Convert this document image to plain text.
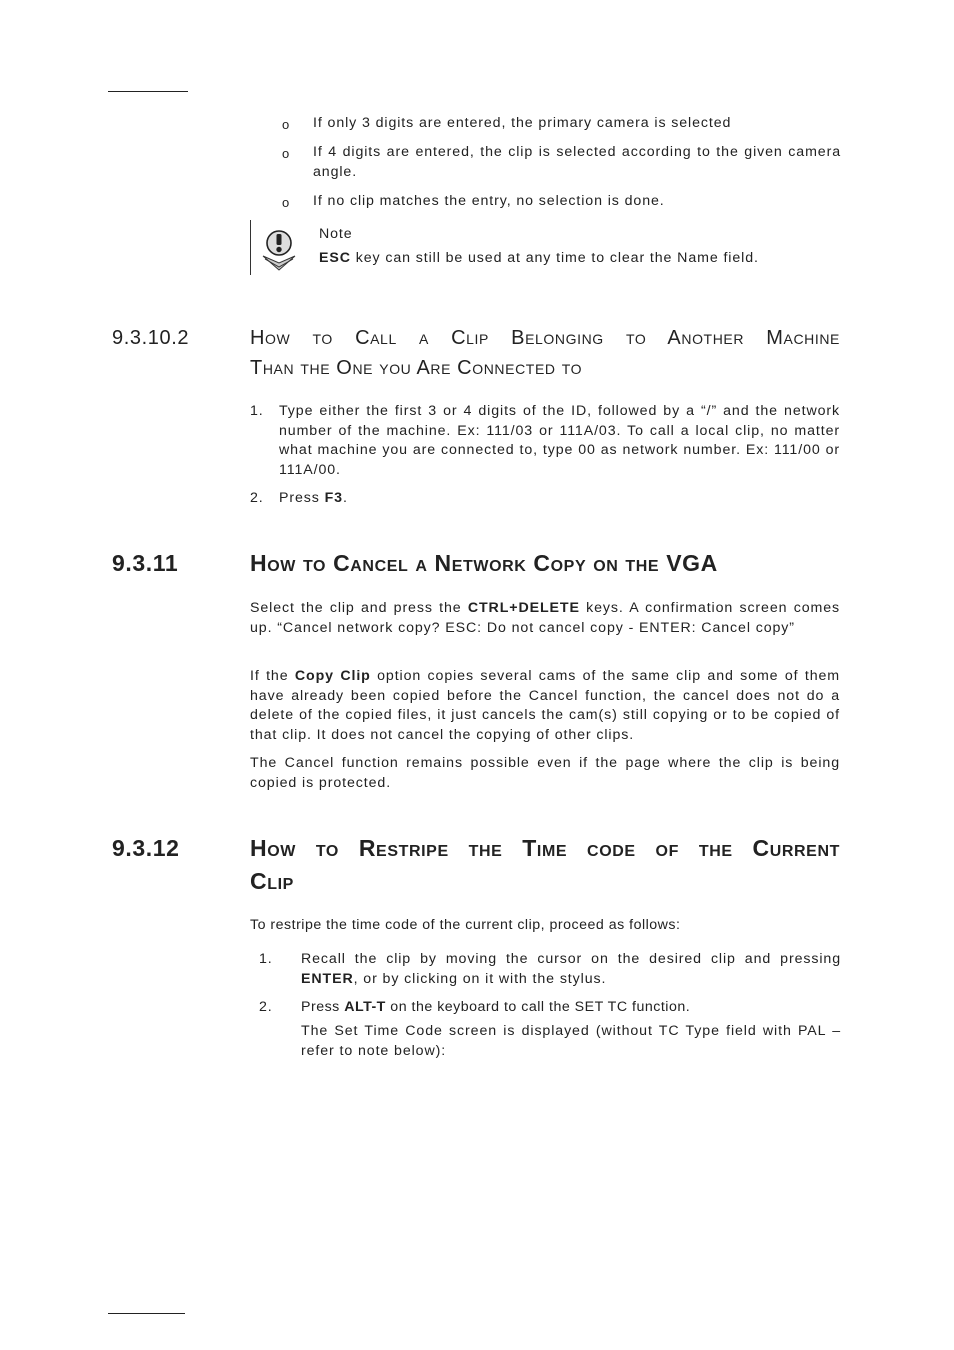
o If only 3 digits are entered, the primary camera is selected

o If 4 digits are entered, the clip is selected according to the given camera angle.

o If no clip matches the entry, no selection is done.

Note

ESC key can still be used at any time to clear the Name field.

9.3.10.2	How to Call a Clip Belonging to Another Machine
Than the One you Are Connected to
1. Type either the first 3 or 4 digits of the ID, followed by a “/” and the network number of the machine. Ex: 111/03 or 111A/03. To call a local clip, no matter what machine you are connected to, type 00 as network number. Ex: 111/00 or 111A/00.

2. Press F3.

9.3.11	How to Cancel a Network Copy on the VGA

Select the clip and press the CTRL+DELETE keys. A confirmation screen comes up. “Cancel network copy? ESC: Do not cancel copy - ENTER: Cancel copy”

If the Copy Clip option copies several cams of the same clip and some of them have already been copied before the Cancel function, the cancel does not do a delete of the copied files, it just cancels the cam(s) still copying or to be copied of that clip. It does not cancel the copying of other clips.

The Cancel function remains possible even if the page where the clip is being copied is protected.

9.3.12	How to Restripe the Time code of the Current
Clip

To restripe the time code of the current clip, proceed as follows:

1. Recall the clip by moving the cursor on the desired clip and pressing ENTER, or by clicking on it with the stylus.

2. Press ALT-T on the keyboard to call the SET TC function.

The Set Time Code screen is displayed (without TC Type field with PAL – refer to note below):
